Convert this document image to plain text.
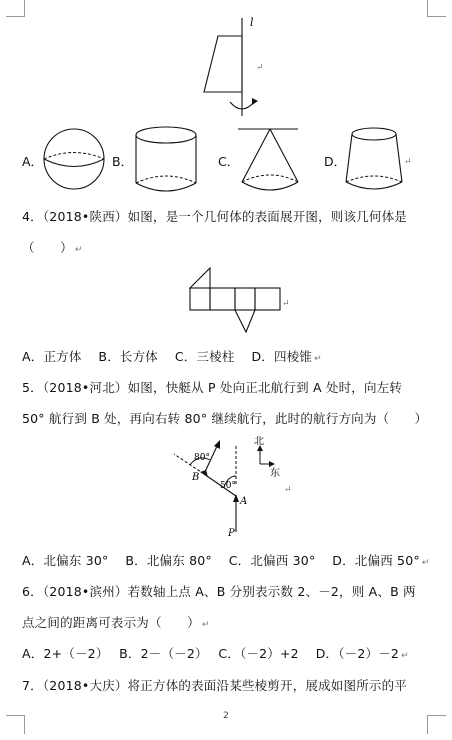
l
↵
A．	B．	C．	D．	↵
4．（2018•陕西）如图，是一个几何体的表面展开图，则该几何体是
（　　） ↵
↵
A．正方体　 B．长方体　 C．三棱柱　 D．四棱锥 ↵
5．（2018•河北）如图，快艇从 P 处向正北航行到 A 处时，向左转
50° 航行到 B 处，再向右转 80° 继续航行，此时的航行方向为（　　）
80°
50°
B
A
P
北
东
↵
A．北偏东 30°　 B．北偏东 80°　 C．北偏西 30°　 D．北偏西 50° ↵
6．（2018•滨州）若数轴上点 A、B 分别表示数 2、－2，则 A、B 两
点之间的距离可表示为（　　） ↵
A．2+（－2）　 B．2－（－2）　 C．（－2）+2　 D．（－2）－2 ↵
7．（2018•大庆）将正方体的表面沿某些棱剪开，展成如图所示的平
2
